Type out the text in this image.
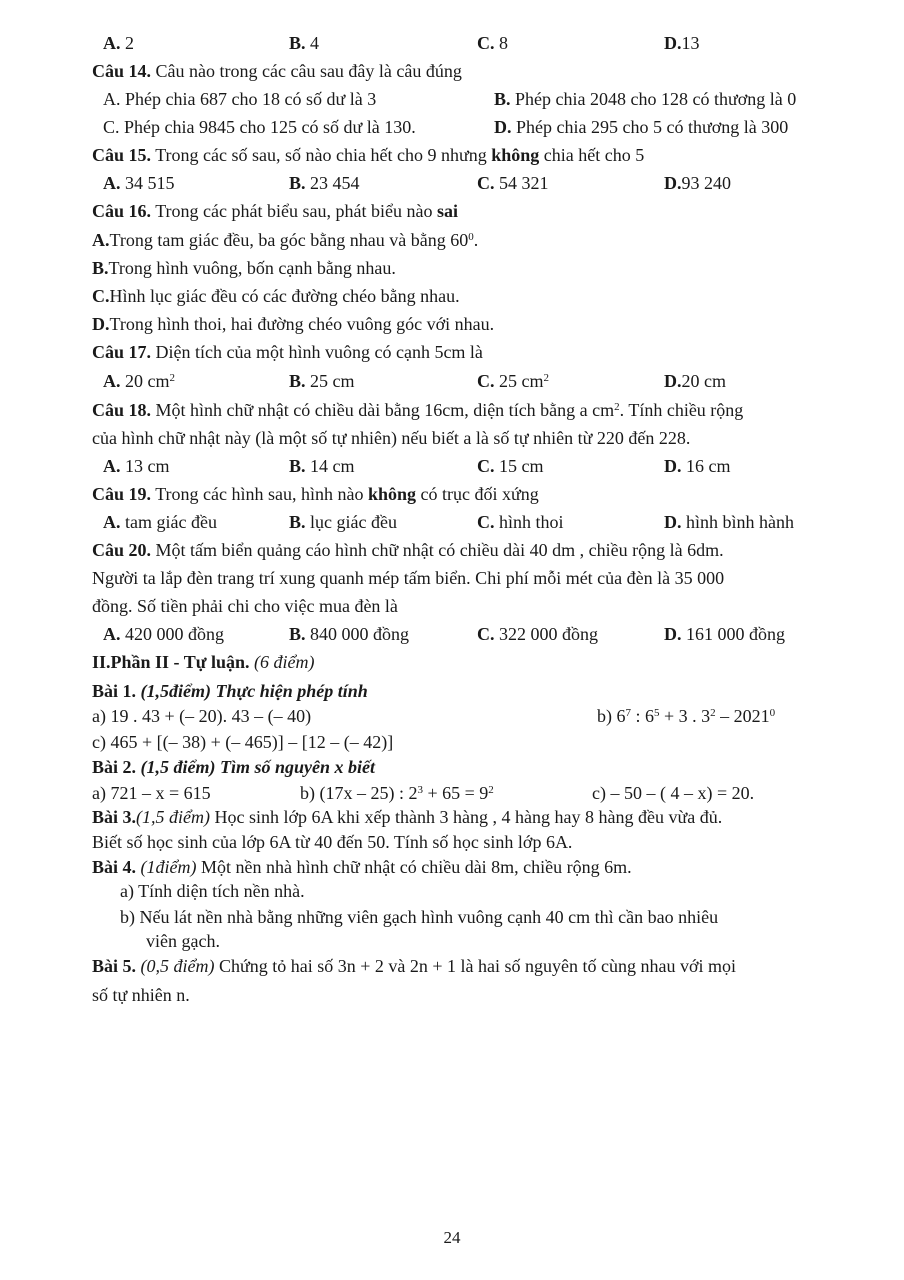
A. 2	B. 4	C. 8	D.13
Câu 14. Câu nào trong các câu sau đây là câu đúng
A. Phép chia 687 cho 18 có số dư là 3	B. Phép chia 2048 cho 128 có thương là 0
C. Phép chia 9845 cho 125 có số dư là 130.	D. Phép chia 295 cho 5 có thương là 300
Câu 15. Trong các số sau, số nào chia hết cho 9 nhưng không chia hết cho 5
A. 34 515	B. 23 454	C. 54 321	D.93 240
Câu 16. Trong các phát biểu sau, phát biểu nào sai
A.Trong tam giác đều, ba góc bằng nhau và bằng $60^0$.
B.Trong hình vuông, bốn cạnh bằng nhau.
C.Hình lục giác đều có các đường chéo bằng nhau.
D.Trong hình thoi, hai đường chéo vuông góc với nhau.
Câu 17. Diện tích của một hình vuông có cạnh 5cm là
A. 20 $cm^2$	B. 25 cm	C. 25 $cm^2$	D.20 cm
Câu 18. Một hình chữ nhật có chiều dài bằng 16cm, diện tích bằng a $cm^2$. Tính chiều rộng
của hình chữ nhật này (là một số tự nhiên) nếu biết a là số tự nhiên từ 220 đến 228.
A. 13 cm	B. 14 cm	C. 15 cm	D. 16 cm
Câu 19. Trong các hình sau, hình nào không có trục đối xứng
A. tam giác đều	B. lục giác đều	C. hình thoi	D. hình bình hành
Câu 20. Một tấm biển quảng cáo hình chữ nhật có chiều dài 40 dm , chiều rộng là 6dm.
Người ta lắp đèn trang trí xung quanh mép tấm biển. Chi phí mỗi mét của đèn là 35 000
đồng. Số tiền phải chi cho việc mua đèn là
A. 420 000 đồng	B. 840 000 đồng	C. 322 000 đồng	D. 161 000 đồng
II.Phần II - Tự luận. (6 điểm)
Bài 1. (1,5điểm) Thực hiện phép tính
a) 19 . 43 + (– 20). 43 – (– 40)	b) $6^7$ : $6^5 + 3$ . $3^2 - 2021^0$
c) 465 + [(– 38) + (– 465)] – [12 – (– 42)]
Bài 2. (1,5 điểm) Tìm số nguyên x biết
a) 721 – x = 615	b) (17x – 25) : $2^3 + 65 = 9^2$	c) – 50 – ( 4 – x) = 20.
Bài 3.(1,5 điểm) Học sinh lớp 6A khi xếp thành 3 hàng , 4 hàng hay 8 hàng đều vừa đủ.
Biết số học sinh của lớp 6A từ 40 đến 50. Tính số học sinh lớp 6A.
Bài 4. (1điểm) Một nền nhà hình chữ nhật có chiều dài 8m, chiều rộng 6m.
a) Tính diện tích nền nhà.
b) Nếu lát nền nhà bằng những viên gạch hình vuông cạnh 40 cm thì cần bao nhiêu
viên gạch.
Bài 5. (0,5 điểm) Chứng tỏ hai số 3n + 2 và 2n + 1 là hai số nguyên tố cùng nhau với mọi
số tự nhiên n.
24
